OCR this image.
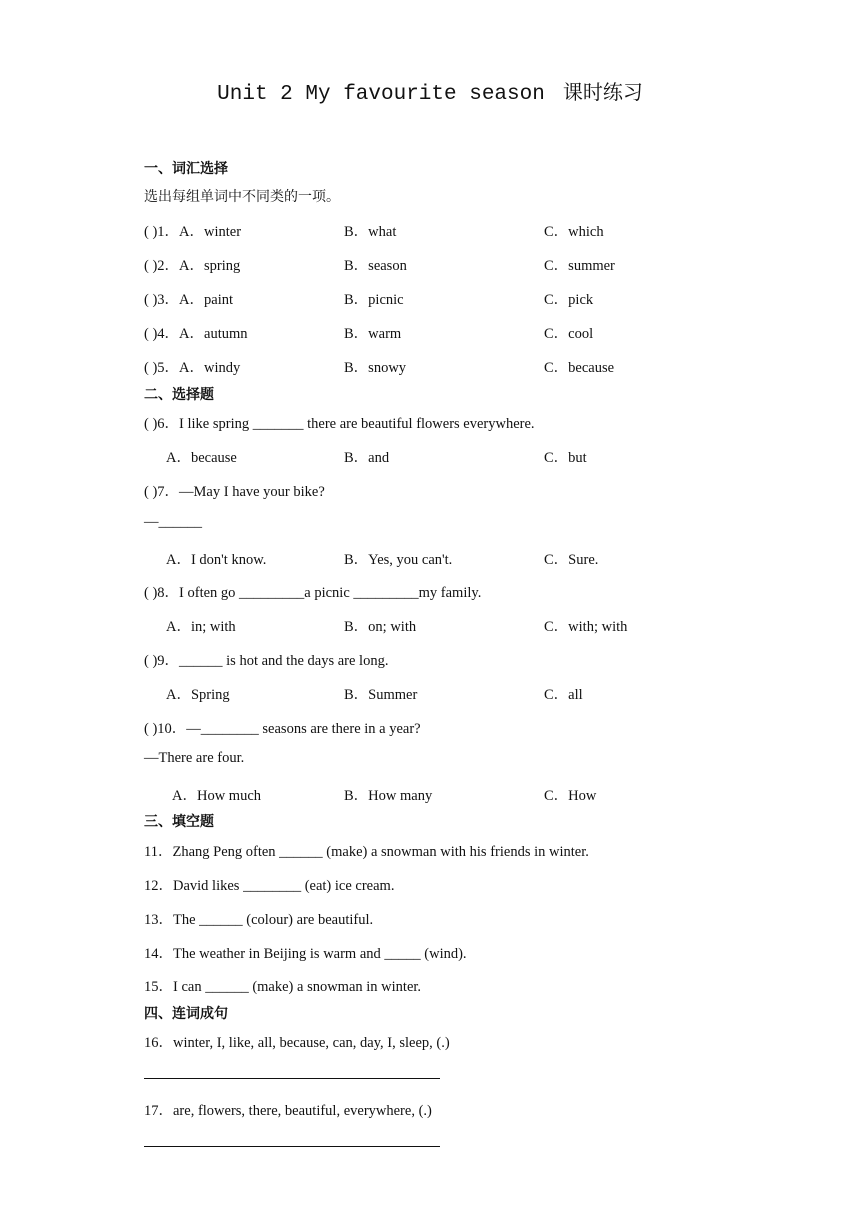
Unit 2 My favourite season 课时练习
一、词汇选择
选出每组单词中不同类的一项。
( )1．A．winter	B．what	C．which
( )2．A．spring	B．season	C．summer
( )3．A．paint	B．picnic	C．pick
( )4．A．autumn	B．warm	C．cool
( )5．A．windy	B．snowy	C．because
二、选择题
( )6．I like spring _______ there are beautiful flowers everywhere.
A．because	B．and	C．but
( )7．—May I have your bike?
—______
A．I don't know.	B．Yes, you can't.	C．Sure.
( )8．I often go _________a picnic _________my family.
A．in; with	B．on; with	C．with; with
( )9．______ is hot and the days are long.
A．Spring	B．Summer	C．all
( )10．—________ seasons are there in a year?
—There are four.
A．How much	B．How many	C．How
三、填空题
11．Zhang Peng often ______ (make) a snowman with his friends in winter.
12．David likes ________ (eat) ice cream.
13．The ______ (colour) are beautiful.
14．The weather in Beijing is warm and _____ (wind).
15．I can ______ (make) a snowman in winter.
四、连词成句
16．winter, I, like, all, because, can, day, I, sleep, (.)
17．are, flowers, there, beautiful, everywhere, (.)
